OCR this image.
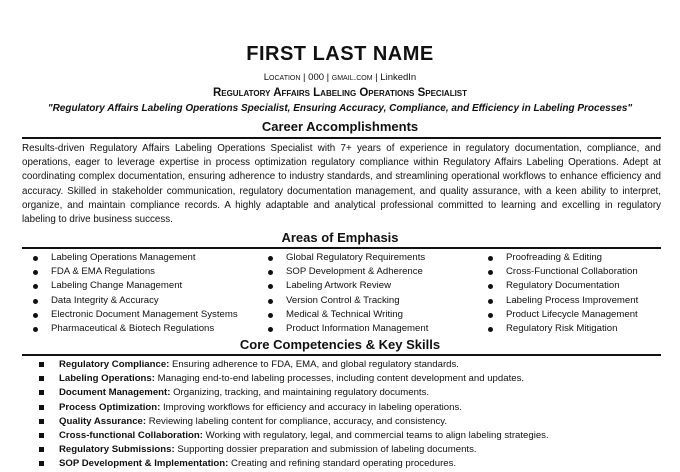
FIRST LAST NAME
Location | 000 | gmail.com | LinkedIn
Regulatory Affairs Labeling Operations Specialist
"Regulatory Affairs Labeling Operations Specialist, Ensuring Accuracy, Compliance, and Efficiency in Labeling Processes"
Career Accomplishments

Results-driven Regulatory Affairs Labeling Operations Specialist with 7+ years of experience in regulatory documentation, compliance, and operations, eager to leverage expertise in process optimization regulatory compliance within Regulatory Affairs Labeling Operations. Adept at coordinating complex documentation, ensuring adherence to industry standards, and streamlining operational workflows to enhance efficiency and accuracy. Skilled in stakeholder communication, regulatory documentation management, and quality assurance, with a keen ability to interpret, organize, and maintain compliance records. A highly adaptable and analytical professional committed to learning and excelling in regulatory labeling to drive business success.

Areas of Emphasis
Labeling Operations Management
FDA & EMA Regulations
Labeling Change Management
Data Integrity & Accuracy
Electronic Document Management Systems
Pharmaceutical & Biotech Regulations
Global Regulatory Requirements
SOP Development & Adherence
Labeling Artwork Review
Version Control & Tracking
Medical & Technical Writing
Product Information Management
Proofreading & Editing
Cross-Functional Collaboration
Regulatory Documentation
Labeling Process Improvement
Product Lifecycle Management
Regulatory Risk Mitigation
Core Competencies & Key Skills
Regulatory Compliance: Ensuring adherence to FDA, EMA, and global regulatory standards.
Labeling Operations: Managing end-to-end labeling processes, including content development and updates.
Document Management: Organizing, tracking, and maintaining regulatory documents.
Process Optimization: Improving workflows for efficiency and accuracy in labeling operations.
Quality Assurance: Reviewing labeling content for compliance, accuracy, and consistency.
Cross-functional Collaboration: Working with regulatory, legal, and commercial teams to align labeling strategies.
Regulatory Submissions: Supporting dossier preparation and submission of labeling documents.
SOP Development & Implementation: Creating and refining standard operating procedures.
